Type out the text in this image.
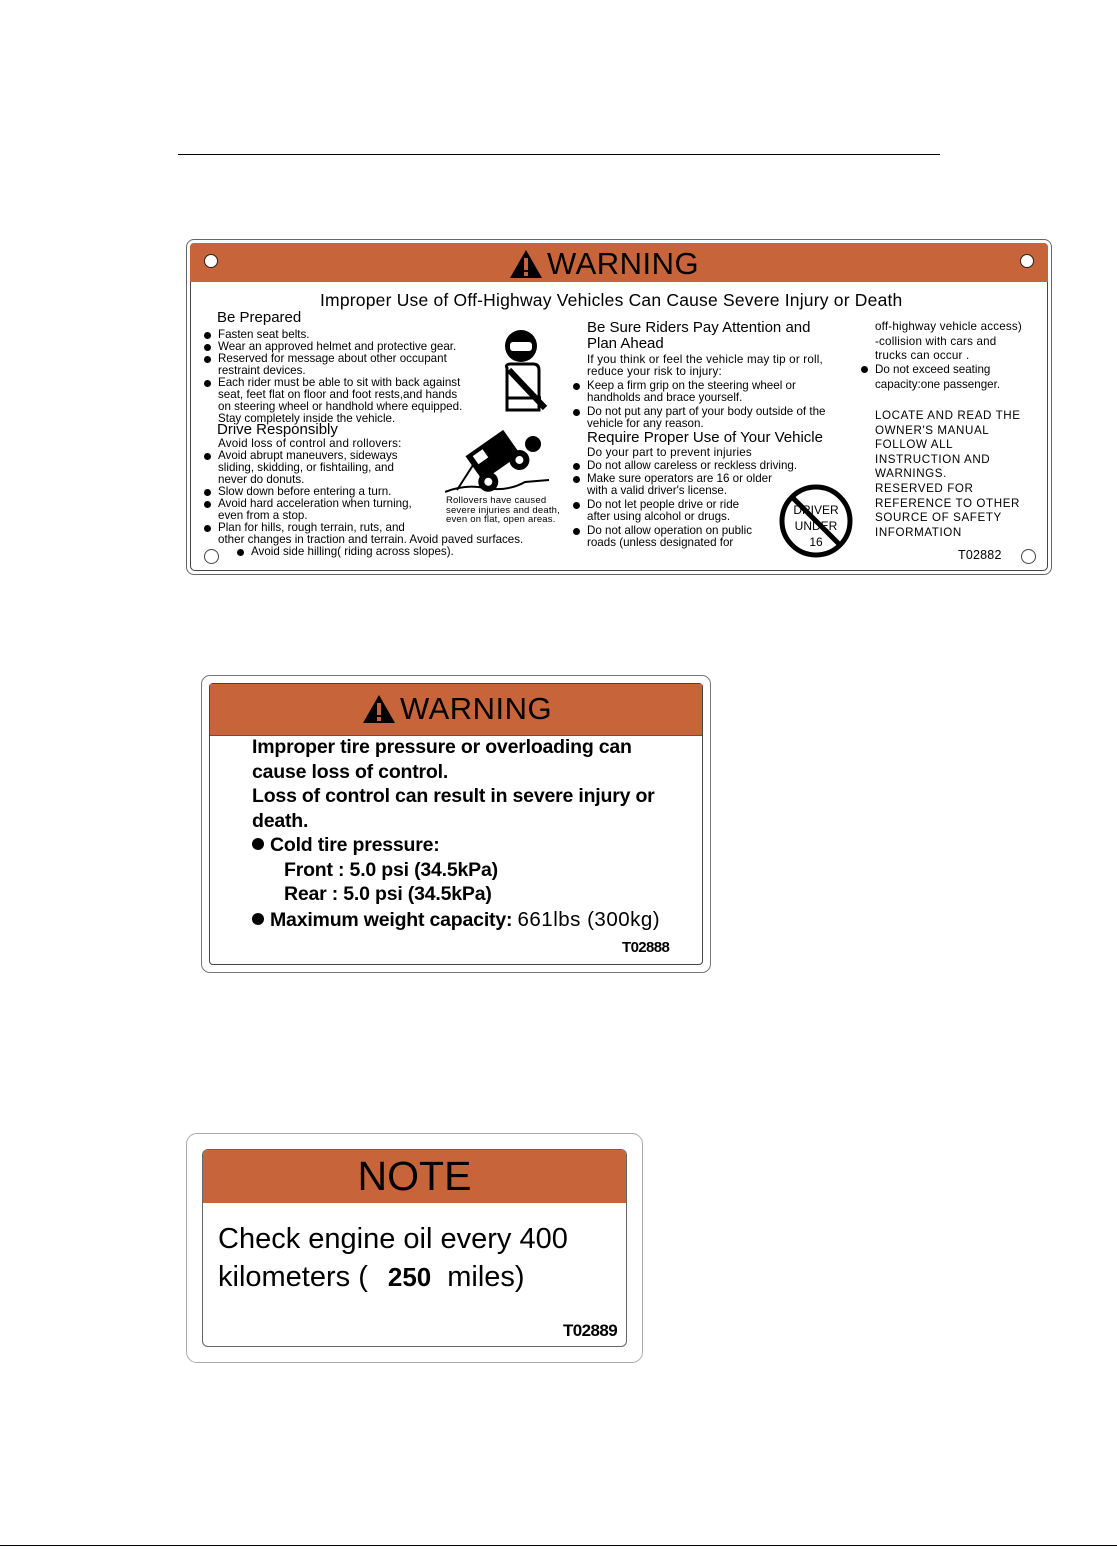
WARNING
Improper Use of Off-Highway Vehicles Can Cause Severe Injury or Death
Be Prepared
Fasten seat belts.
Wear an approved helmet and protective gear.
Reserved for message about other occupant
restraint devices.
Each rider must be able to sit with back against
seat, feet flat on floor and foot rests,and hands
on steering wheel or handhold where equipped.
Stay completely inside the vehicle.
Drive Responsibly
Avoid loss of control and rollovers:
Avoid abrupt maneuvers, sideways
sliding, skidding, or fishtailing, and
never do donuts.
Slow down before entering a turn.
Avoid hard acceleration when turning,
even from a stop.
Plan for hills, rough terrain, ruts, and
other changes in traction and terrain. Avoid paved surfaces.
Avoid side hilling( riding across slopes).
Rollovers have caused
severe injuries and death,
even on flat, open areas.
Be Sure Riders Pay Attention and
Plan Ahead
If you think or feel the vehicle may tip or roll,
reduce your risk to injury:
Keep a firm grip on the steering wheel or
handholds and brace yourself.
Do not put any part of your body outside of the
vehicle for any reason.
Require Proper Use of Your Vehicle
Do your part to prevent injuries
Do not allow careless or reckless driving.
Make sure operators are 16 or older
with a valid driver's license.
Do not let people drive or ride
after using alcohol or drugs.
Do not allow operation on public
roads (unless designated for
DRIVER
UNDER
16
off-highway vehicle access)
-collision with cars and
trucks can occur .
Do not exceed seating
capacity:one passenger.
LOCATE AND READ THE
OWNER'S MANUAL
FOLLOW ALL
INSTRUCTION AND
WARNINGS.
RESERVED FOR
REFERENCE TO OTHER
SOURCE OF SAFETY
INFORMATION
T02882
WARNING
Improper tire pressure or overloading can
cause loss of control.
Loss of control can result in severe injury or
death.
Cold tire pressure:
Front : 5.0 psi (34.5kPa)
Rear : 5.0 psi (34.5kPa)
Maximum weight capacity: 661lbs (300kg)
T02888
NOTE
Check engine oil every 400
kilometers ( 250 miles)
T02889
